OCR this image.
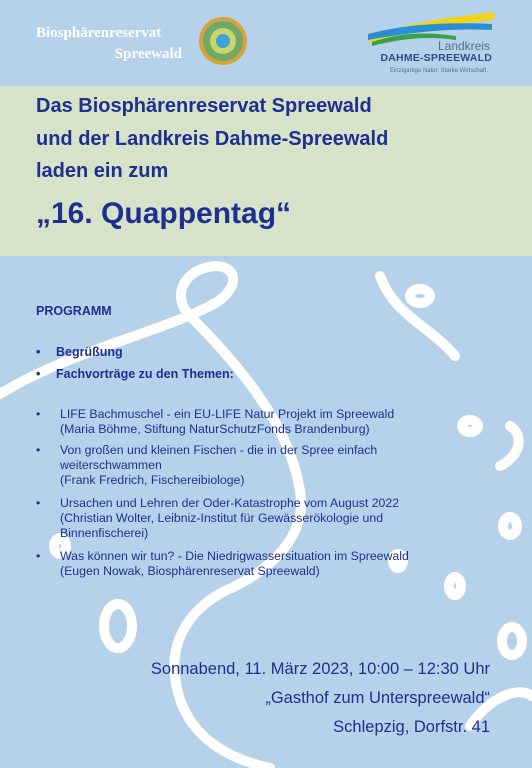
Biosphärenreservat
Spreewald	Landkreis
DAHME-SPREEWALD
Einzigartige Natur. Starke Wirtschaft.
Das Biosphärenreservat Spreewald
und der Landkreis Dahme-Spreewald
laden ein zum
„16. Quappentag“
PROGRAMM
• Begrüßung
• Fachvorträge zu den Themen:
• LIFE Bachmuschel - ein EU-LIFE Natur Projekt im Spreewald
(Maria Böhme, Stiftung NaturSchutzFonds Brandenburg)
• Von großen und kleinen Fischen - die in der Spree einfach
weiterschwammen
(Frank Fredrich, Fischereibiologe)
• Ursachen und Lehren der Oder-Katastrophe vom August 2022
(Christian Wolter, Leibniz-Institut für Gewässerökologie und
Binnenfischerei)
• Was können wir tun? - Die Niedrigwassersituation im Spreewald
(Eugen Nowak, Biosphärenreservat Spreewald)
Sonnabend, 11. März 2023, 10:00 – 12:30 Uhr
„Gasthof zum Unterspreewald“
Schlepzig, Dorfstr. 41
